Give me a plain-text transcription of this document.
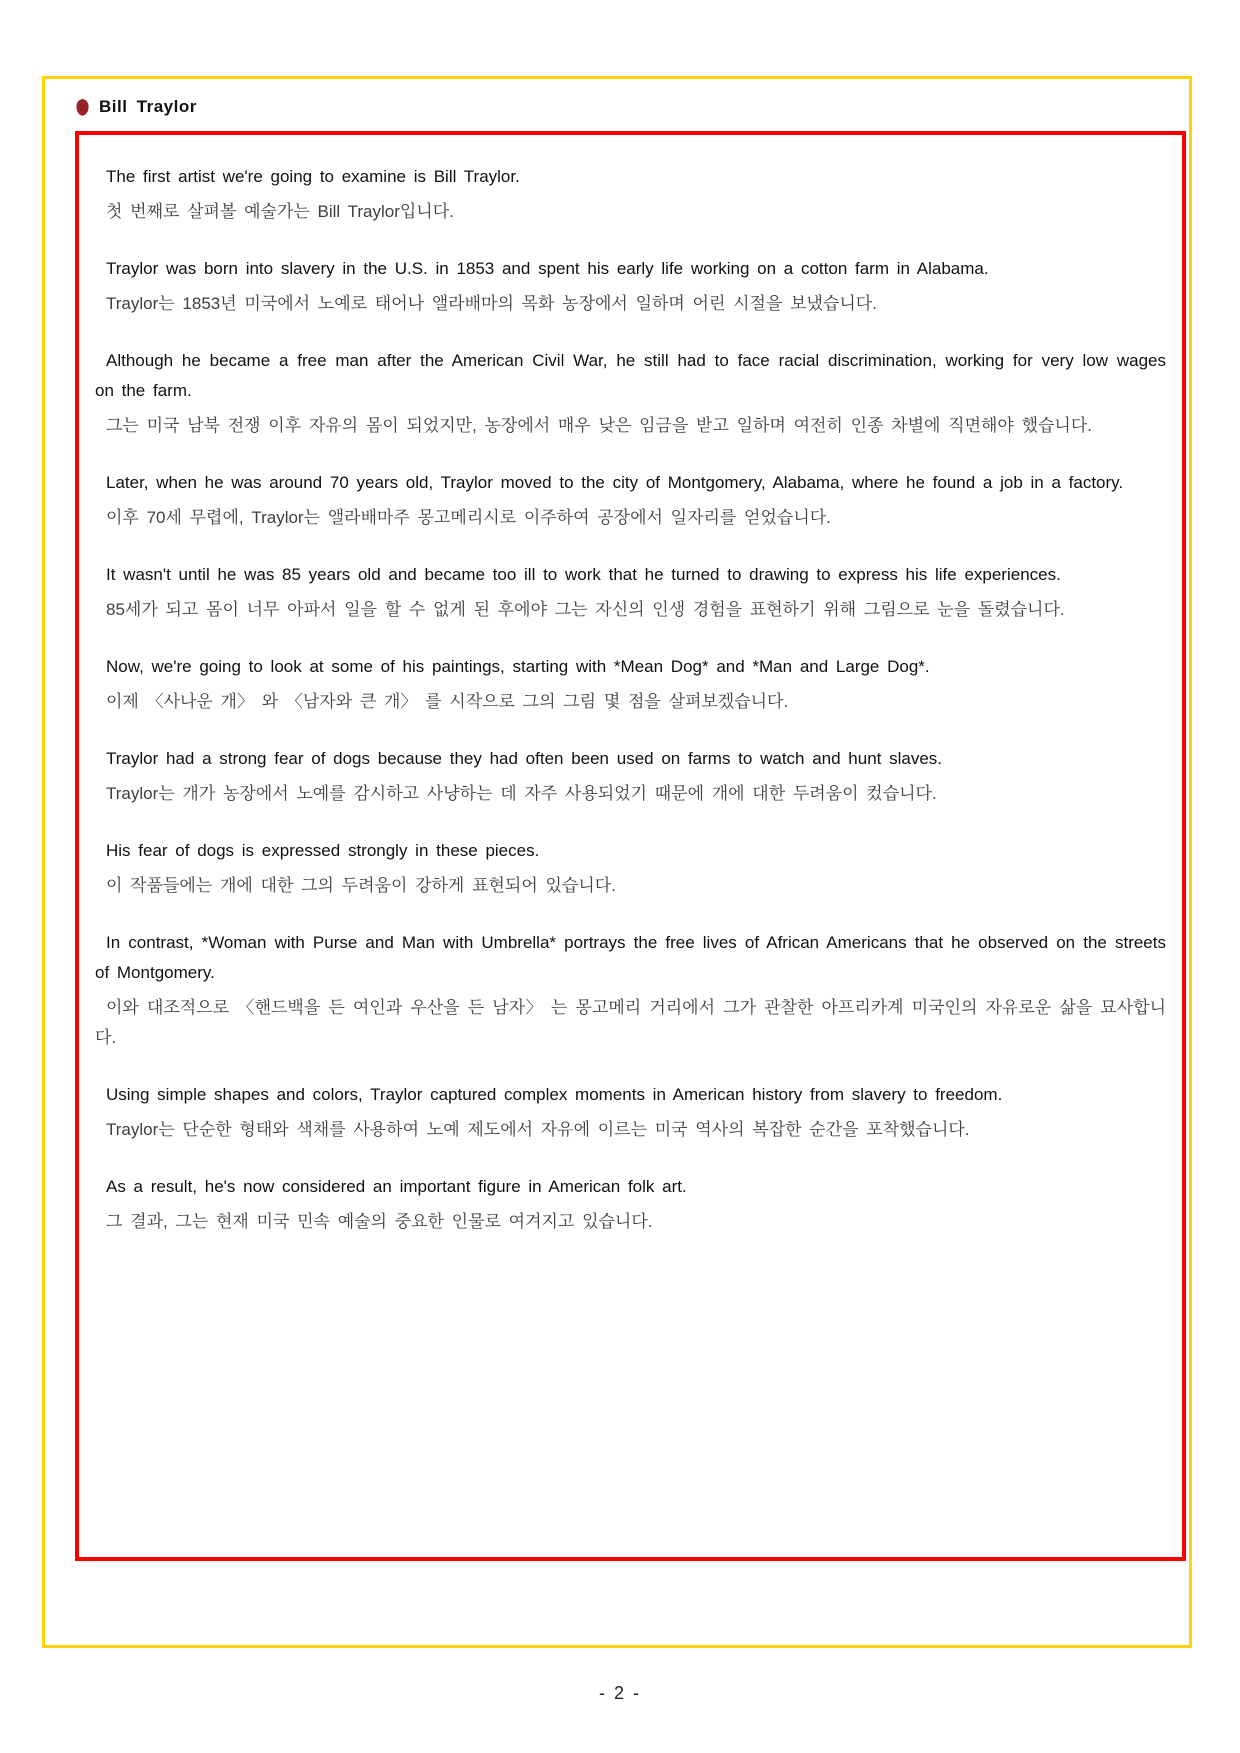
Bill Traylor

The first artist we're going to examine is Bill Traylor.

첫 번째로 살펴볼 예술가는 Bill Traylor입니다.

Traylor was born into slavery in the U.S. in 1853 and spent his early life working on a cotton farm in Alabama.

Traylor는 1853년 미국에서 노예로 태어나 앨라배마의 목화 농장에서 일하며 어린 시절을 보냈습니다.

Although he became a free man after the American Civil War, he still had to face racial discrimination, working for very low wages on the farm.

그는 미국 남북 전쟁 이후 자유의 몸이 되었지만, 농장에서 매우 낮은 임금을 받고 일하며 여전히 인종 차별에 직면해야 했습니다.

Later, when he was around 70 years old, Traylor moved to the city of Montgomery, Alabama, where he found a job in a factory.

이후 70세 무렵에, Traylor는 앨라배마주 몽고메리시로 이주하여 공장에서 일자리를 얻었습니다.

It wasn't until he was 85 years old and became too ill to work that he turned to drawing to express his life experiences.

85세가 되고 몸이 너무 아파서 일을 할 수 없게 된 후에야 그는 자신의 인생 경험을 표현하기 위해 그림으로 눈을 돌렸습니다.

Now, we're going to look at some of his paintings, starting with *Mean Dog* and *Man and Large Dog*.

이제 〈사나운 개〉 와 〈남자와 큰 개〉 를 시작으로 그의 그림 몇 점을 살펴보겠습니다.

Traylor had a strong fear of dogs because they had often been used on farms to watch and hunt slaves.

Traylor는 개가 농장에서 노예를 감시하고 사냥하는 데 자주 사용되었기 때문에 개에 대한 두려움이 컸습니다.

His fear of dogs is expressed strongly in these pieces.

이 작품들에는 개에 대한 그의 두려움이 강하게 표현되어 있습니다.

In contrast, *Woman with Purse and Man with Umbrella* portrays the free lives of African Americans that he observed on the streets of Montgomery.

이와 대조적으로 〈핸드백을 든 여인과 우산을 든 남자〉 는 몽고메리 거리에서 그가 관찰한 아프리카계 미국인의 자유로운 삶을 묘사합니다.

Using simple shapes and colors, Traylor captured complex moments in American history from slavery to freedom.

Traylor는 단순한 형태와 색채를 사용하여 노예 제도에서 자유에 이르는 미국 역사의 복잡한 순간을 포착했습니다.

As a result, he's now considered an important figure in American folk art.

그 결과, 그는 현재 미국 민속 예술의 중요한 인물로 여겨지고 있습니다.

- 2 -
